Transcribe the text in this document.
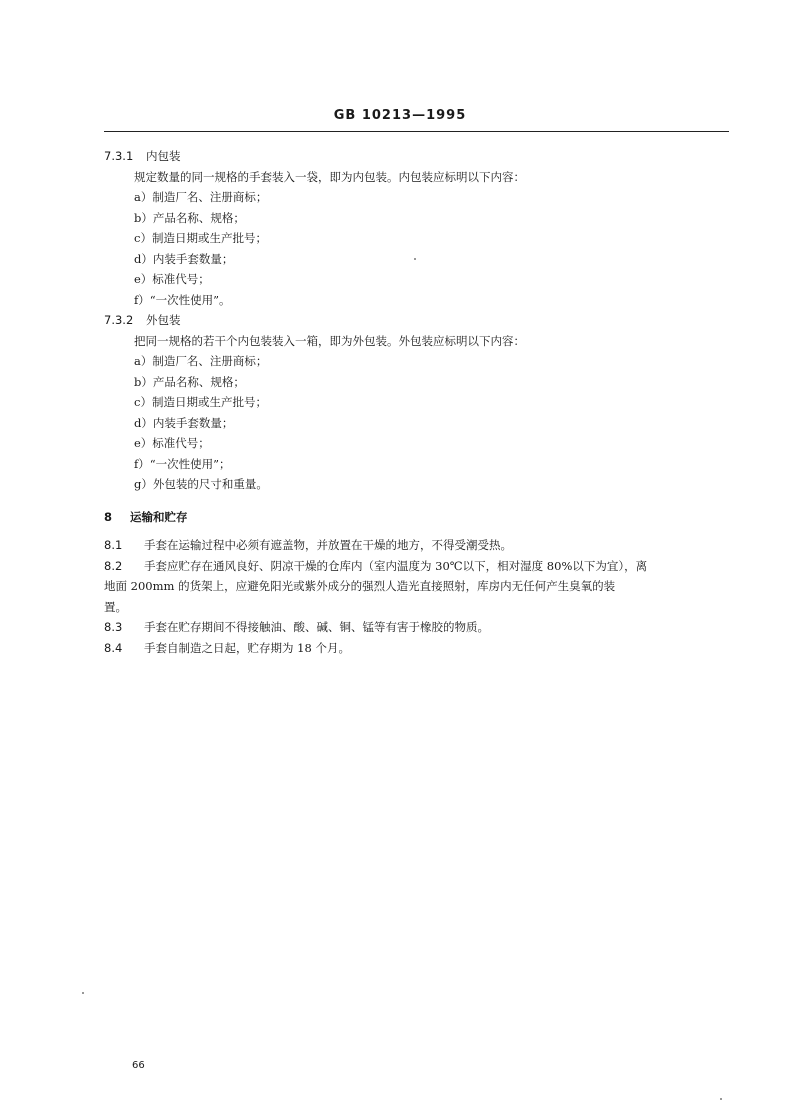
GB 10213—1995
7.3.1 内包装
规定数量的同一规格的手套装入一袋，即为内包装。内包装应标明以下内容：
a）制造厂名、注册商标；
b）产品名称、规格；
c）制造日期或生产批号；
d）内装手套数量；
e）标准代号；
f）“一次性使用”。
7.3.2 外包装
把同一规格的若干个内包装装入一箱，即为外包装。外包装应标明以下内容：
a）制造厂名、注册商标；
b）产品名称、规格；
c）制造日期或生产批号；
d）内装手套数量；
e）标准代号；
f）“一次性使用”；
g）外包装的尺寸和重量。
8 运输和贮存
8.1 手套在运输过程中必须有遮盖物，并放置在干燥的地方，不得受潮受热。
8.2 手套应贮存在通风良好、阴凉干燥的仓库内（室内温度为 30℃以下，相对湿度 80%以下为宜），离
地面 200mm 的货架上，应避免阳光或紫外成分的强烈人造光直接照射，库房内无任何产生臭氧的装
置。
8.3 手套在贮存期间不得接触油、酸、碱、铜、锰等有害于橡胶的物质。
8.4 手套自制造之日起，贮存期为 18 个月。
66
